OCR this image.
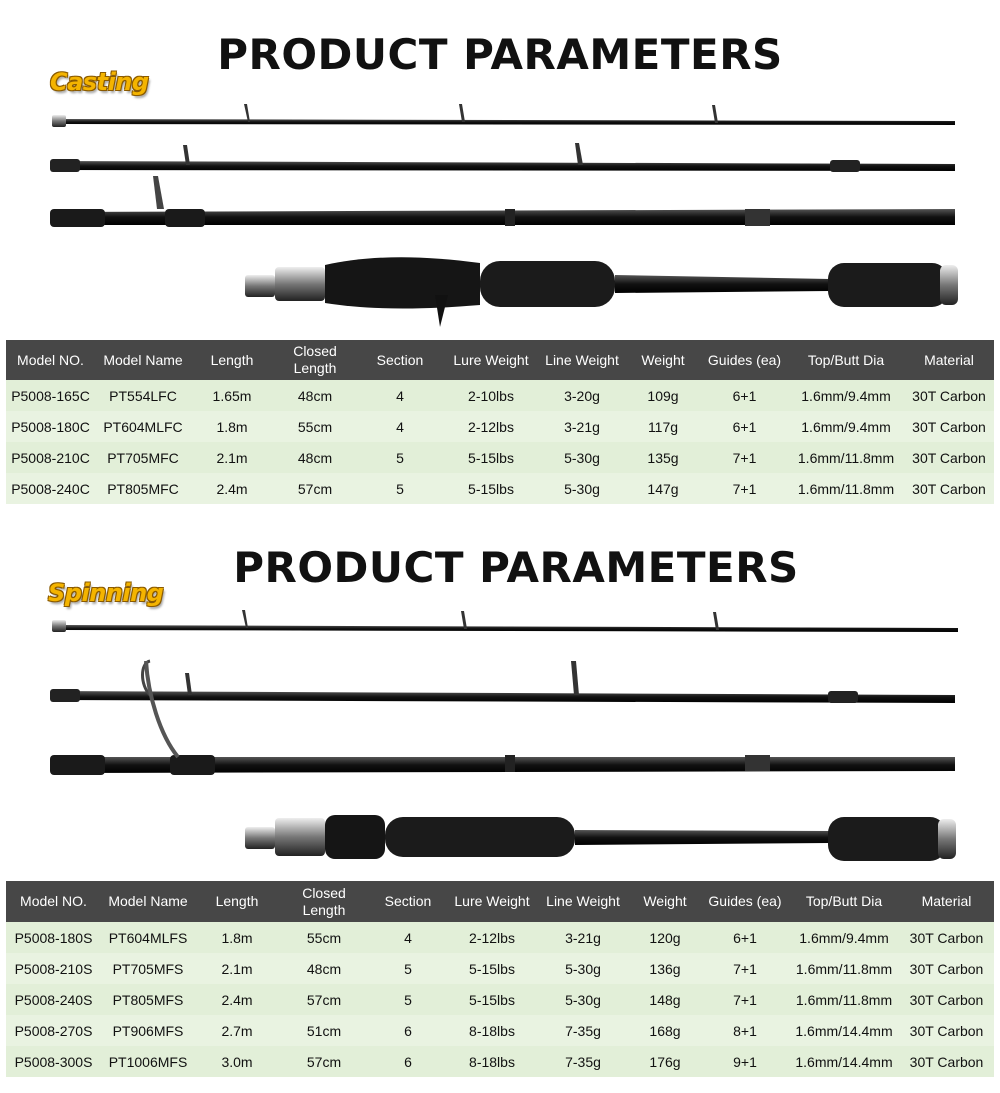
PRODUCT PARAMETERS
Casting
Model NO.	Model Name	Length	Closed Length	Section	Lure Weight	Line Weight	Weight	Guides (ea)	Top/Butt Dia	Material
P5008-165C	PT554LFC	1.65m	48cm	4	2-10lbs	3-20g	109g	6+1	1.6mm/9.4mm	30T Carbon
P5008-180C	PT604MLFC	1.8m	55cm	4	2-12lbs	3-21g	117g	6+1	1.6mm/9.4mm	30T Carbon
P5008-210C	PT705MFC	2.1m	48cm	5	5-15lbs	5-30g	135g	7+1	1.6mm/11.8mm	30T Carbon
P5008-240C	PT805MFC	2.4m	57cm	5	5-15lbs	5-30g	147g	7+1	1.6mm/11.8mm	30T Carbon
PRODUCT PARAMETERS
Spinning
Model NO.	Model Name	Length	Closed Length	Section	Lure Weight	Line Weight	Weight	Guides (ea)	Top/Butt Dia	Material
P5008-180S	PT604MLFS	1.8m	55cm	4	2-12lbs	3-21g	120g	6+1	1.6mm/9.4mm	30T Carbon
P5008-210S	PT705MFS	2.1m	48cm	5	5-15lbs	5-30g	136g	7+1	1.6mm/11.8mm	30T Carbon
P5008-240S	PT805MFS	2.4m	57cm	5	5-15lbs	5-30g	148g	7+1	1.6mm/11.8mm	30T Carbon
P5008-270S	PT906MFS	2.7m	51cm	6	8-18lbs	7-35g	168g	8+1	1.6mm/14.4mm	30T Carbon
P5008-300S	PT1006MFS	3.0m	57cm	6	8-18lbs	7-35g	176g	9+1	1.6mm/14.4mm	30T Carbon
